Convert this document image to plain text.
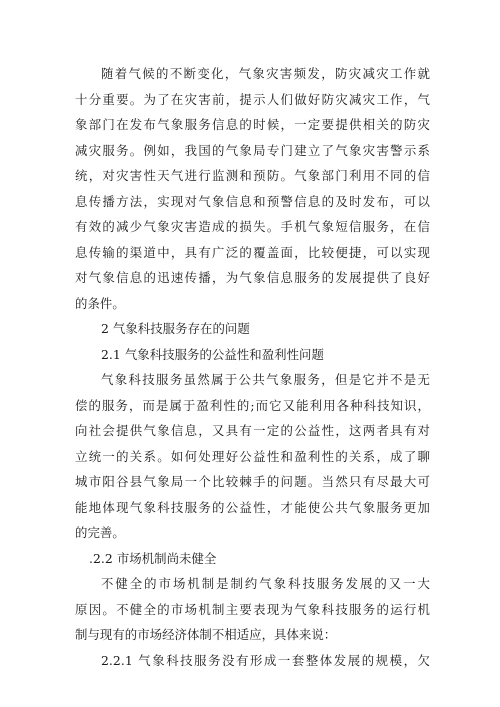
随着气候的不断变化，气象灾害频发，防灾减灾工作就
十分重要。为了在灾害前，提示人们做好防灾减灾工作，气
象部门在发布气象服务信息的时候，一定要提供相关的防灾
减灾服务。例如，我国的气象局专门建立了气象灾害警示系
统，对灾害性天气进行监测和预防。气象部门利用不同的信
息传播方法，实现对气象信息和预警信息的及时发布，可以
有效的减少气象灾害造成的损失。手机气象短信服务，在信
息传输的渠道中，具有广泛的覆盖面，比较便捷，可以实现
对气象信息的迅速传播，为气象信息服务的发展提供了良好
的条件。
2 气象科技服务存在的问题
2.1 气象科技服务的公益性和盈利性问题
气象科技服务虽然属于公共气象服务，但是它并不是无
偿的服务，而是属于盈利性的;而它又能利用各种科技知识，
向社会提供气象信息，又具有一定的公益性，这两者具有对
立统一的关系。如何处理好公益性和盈利性的关系，成了聊
城市阳谷县气象局一个比较棘手的问题。当然只有尽最大可
能地体现气象科技服务的公益性，才能使公共气象服务更加
的完善。
.2.2 市场机制尚未健全
不健全的市场机制是制约气象科技服务发展的又一大
原因。不健全的市场机制主要表现为气象科技服务的运行机
制与现有的市场经济体制不相适应，具体来说：
2.2.1 气象科技服务没有形成一套整体发展的规模，欠
